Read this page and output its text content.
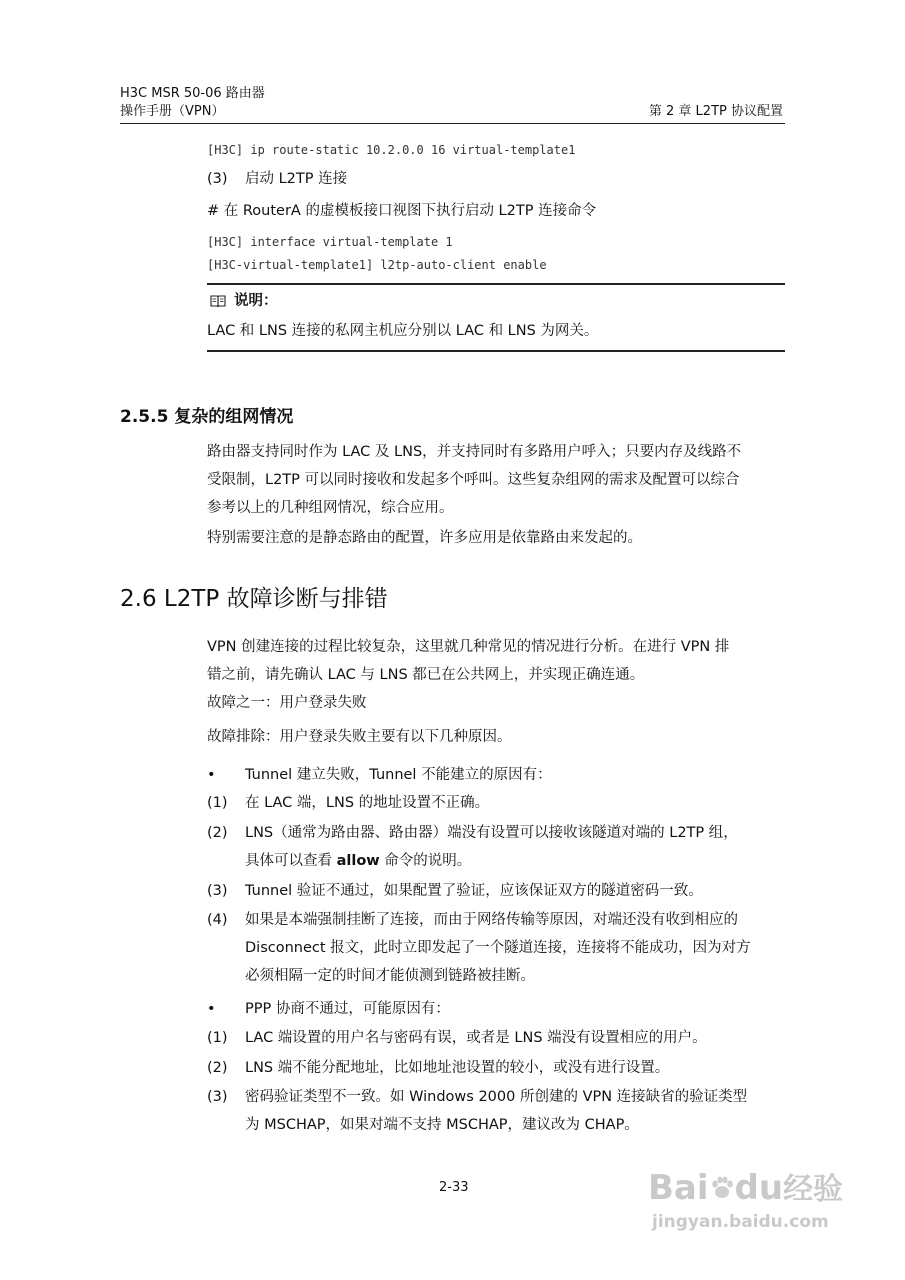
H3C MSR 50-06 路由器
操作手册（VPN）	第 2 章 L2TP 协议配置
[H3C] ip route-static 10.2.0.0 16 virtual-template1
(3) 启动 L2TP 连接
# 在 RouterA 的虚模板接口视图下执行启动 L2TP 连接命令
[H3C] interface virtual-template 1
[H3C-virtual-template1] l2tp-auto-client enable
说明：
LAC 和 LNS 连接的私网主机应分别以 LAC 和 LNS 为网关。
2.5.5 复杂的组网情况
路由器支持同时作为 LAC 及 LNS，并支持同时有多路用户呼入；只要内存及线路不
受限制，L2TP 可以同时接收和发起多个呼叫。这些复杂组网的需求及配置可以综合
参考以上的几种组网情况，综合应用。
特别需要注意的是静态路由的配置，许多应用是依靠路由来发起的。
2.6 L2TP 故障诊断与排错
VPN 创建连接的过程比较复杂，这里就几种常见的情况进行分析。在进行 VPN 排
错之前，请先确认 LAC 与 LNS 都已在公共网上，并实现正确连通。
故障之一：用户登录失败
故障排除：用户登录失败主要有以下几种原因。
• Tunnel 建立失败，Tunnel 不能建立的原因有：
(1) 在 LAC 端，LNS 的地址设置不正确。
(2) LNS（通常为路由器、路由器）端没有设置可以接收该隧道对端的 L2TP 组，
具体可以查看 allow 命令的说明。
(3) Tunnel 验证不通过，如果配置了验证，应该保证双方的隧道密码一致。
(4) 如果是本端强制挂断了连接，而由于网络传输等原因，对端还没有收到相应的
Disconnect 报文，此时立即发起了一个隧道连接，连接将不能成功，因为对方
必须相隔一定的时间才能侦测到链路被挂断。
• PPP 协商不通过，可能原因有：
(1) LAC 端设置的用户名与密码有误，或者是 LNS 端没有设置相应的用户。
(2) LNS 端不能分配地址，比如地址池设置的较小，或没有进行设置。
(3) 密码验证类型不一致。如 Windows 2000 所创建的 VPN 连接缺省的验证类型
为 MSCHAP，如果对端不支持 MSCHAP，建议改为 CHAP。
2-33	Bai du经验
jingyan.baidu.com
